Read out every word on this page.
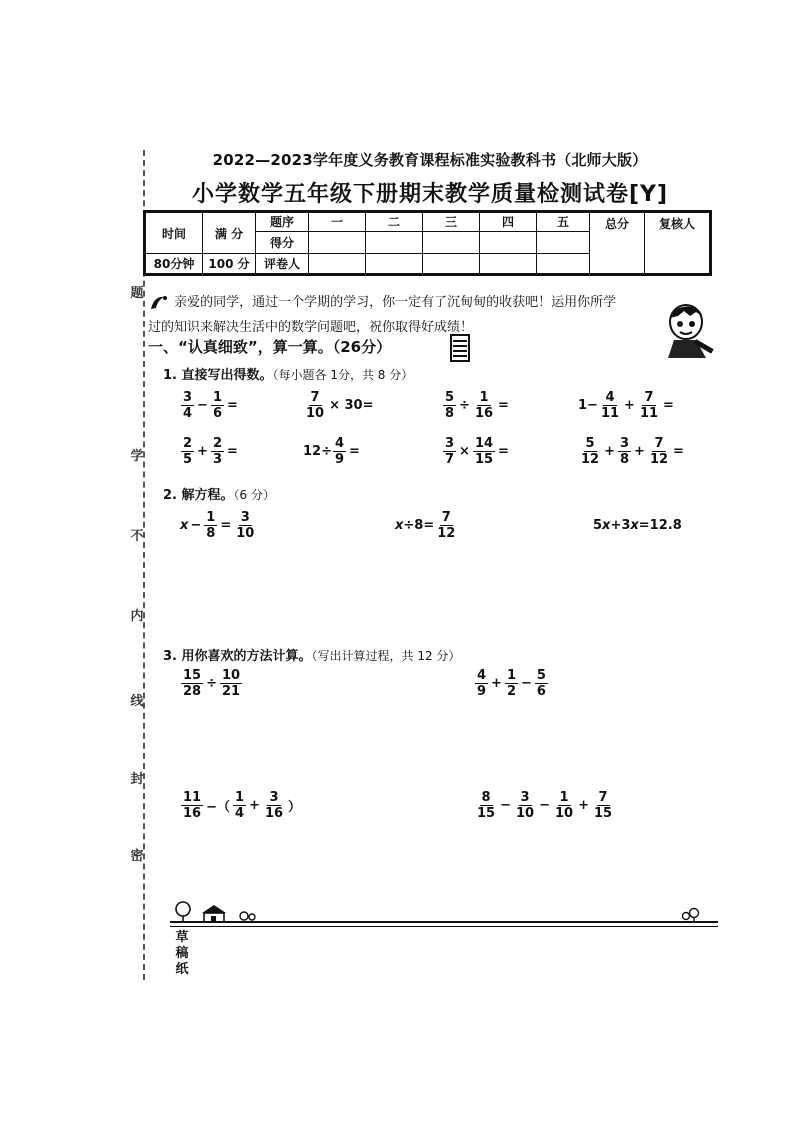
题
学
不
内
线
封
密
2022—2023学年度义务教育课程标准实验教科书（北师大版）
小学数学五年级下册期末教学质量检测试卷[Y]
时间	满 分	题序	一	二	三	四	五	总分	复核人
		得分							
80分钟	100 分	评卷人							
亲爱的同学，通过一个学期的学习，你一定有了沉甸甸的收获吧！运用你所学
过的知识来解决生活中的数学问题吧，祝你取得好成绩！
一、“认真细致”，算一算。（26分）
1. 直接写出得数。（每小题各 1分，共 8 分）
$\frac{3}{4} - \frac{1}{6}$ =	$\frac{7}{10} \times 30=$	$\frac{5}{8} \div \frac{1}{16}$ =	$1- \frac{4}{11} + \frac{7}{11}$ =
$\frac{2}{5} + \frac{2}{3}$ =	$12\div \frac{4}{9}$ =	$\frac{3}{7} \times \frac{14}{15}$ =	$\frac{5}{12} + \frac{3}{8} + \frac{7}{12}$ =
2. 解方程。（6 分）
$x - \frac{1}{8} = \frac{3}{10}$	$x \div 8= \frac{7}{12}$	5 x +3 x =12.8
3. 用你喜欢的方法计算。（写出计算过程，共 12 分）
$\frac{15}{28} \div \frac{10}{21}$	$\frac{4}{9} + \frac{1}{2} - \frac{5}{6}$
$\frac{11}{16}$ −（ $\frac{1}{4} + \frac{3}{16}$ ）	$\frac{8}{15} - \frac{3}{10} - \frac{1}{10} + \frac{7}{15}$
草
稿
纸
